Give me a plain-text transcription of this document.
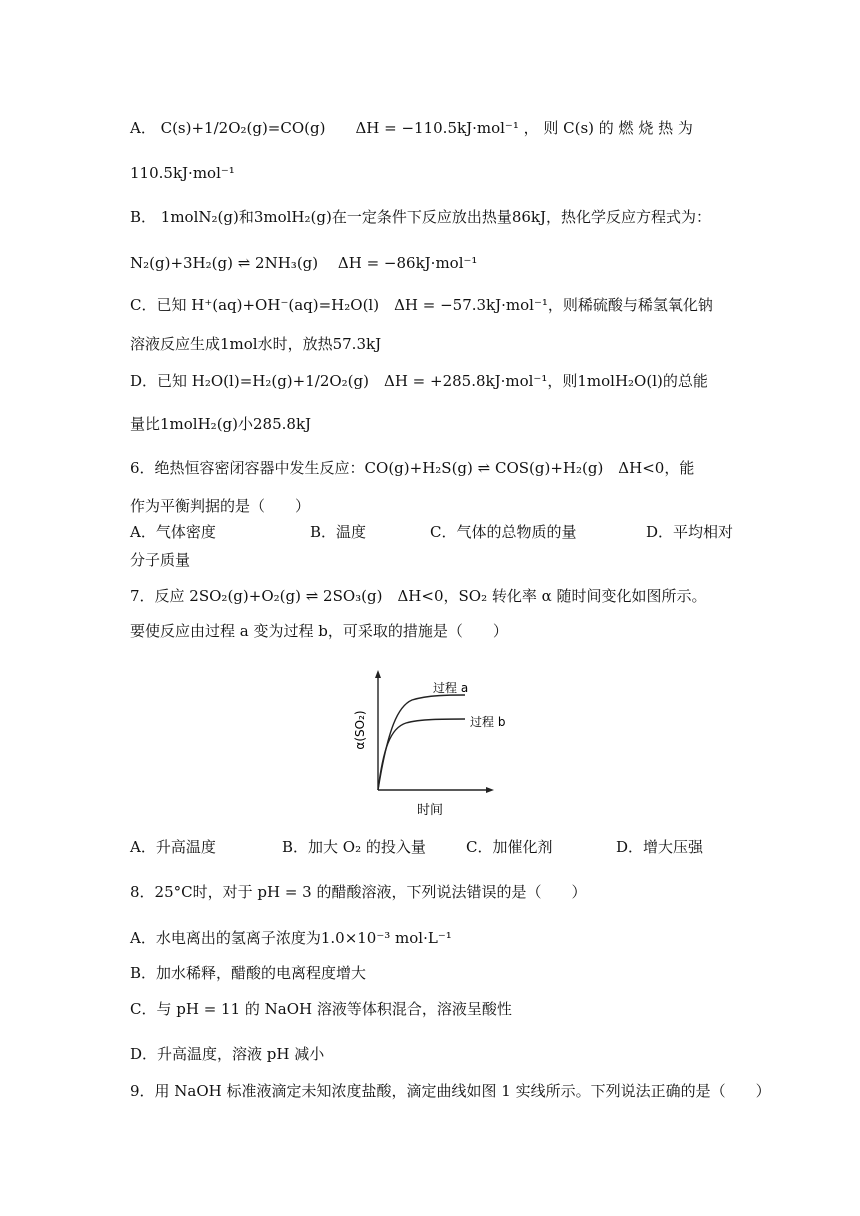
A． C(s)+1/2O₂(g)=CO(g)　　ΔH = −110.5kJ·mol⁻¹ ， 则 C(s) 的 燃 烧 热 为
110.5kJ·mol⁻¹
B． 1molN₂(g)和3molH₂(g)在一定条件下反应放出热量86kJ，热化学反应方程式为：
N₂(g)+3H₂(g) ⇌ 2NH₃(g)　 ΔH = −86kJ·mol⁻¹
C．已知 H⁺(aq)+OH⁻(aq)=H₂O(l)　ΔH = −57.3kJ·mol⁻¹，则稀硫酸与稀氢氧化钠
溶液反应生成1mol水时，放热57.3kJ
D．已知 H₂O(l)=H₂(g)+1/2O₂(g)　ΔH = +285.8kJ·mol⁻¹，则1molH₂O(l)的总能
量比1molH₂(g)小285.8kJ
6．绝热恒容密闭容器中发生反应：CO(g)+H₂S(g) ⇌ COS(g)+H₂(g)　ΔH<0，能
作为平衡判据的是（　　）
A．气体密度	B．温度	C．气体的总物质的量	D．平均相对
分子质量
7．反应 2SO₂(g)+O₂(g) ⇌ 2SO₃(g)　ΔH<0，SO₂ 转化率 α 随时间变化如图所示。
要使反应由过程 a 变为过程 b，可采取的措施是（　　）
α(SO₂)
时间
过程 a
过程 b
A．升高温度	B．加大 O₂ 的投入量	C．加催化剂	D．增大压强
8．25°C时，对于 pH = 3 的醋酸溶液，下列说法错误的是（　　）
A．水电离出的氢离子浓度为1.0×10⁻³ mol·L⁻¹
B．加水稀释，醋酸的电离程度增大
C．与 pH = 11 的 NaOH 溶液等体积混合，溶液呈酸性
D．升高温度，溶液 pH 减小
9．用 NaOH 标准液滴定未知浓度盐酸，滴定曲线如图 1 实线所示。下列说法正确的是（　　）
